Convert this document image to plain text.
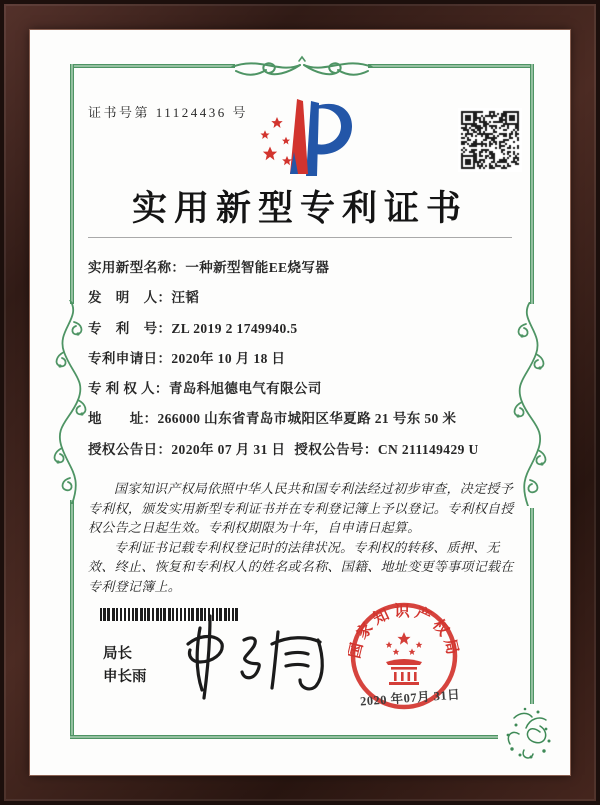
证书号第 11124436 号
实用新型专利证书
实用新型名称：一种新型智能EE烧写器
发　明　人：汪韬
专　利　号：ZL 2019 2 1749940.5
专利申请日：2020年 10 月 18 日
专 利 权 人：青岛科旭德电气有限公司
地　　址：266000 山东省青岛市城阳区华夏路 21 号东 50 米
授权公告日：2020年 07 月 31 日 授权公告号：CN 211149429 U

国家知识产权局依照中华人民共和国专利法经过初步审查，决定授予专利权，颁发实用新型专利证书并在专利登记簿上予以登记。专利权自授权公告之日起生效。专利权期限为十年，自申请日起算。

专利证书记载专利权登记时的法律状况。专利权的转移、质押、无效、终止、恢复和专利权人的姓名或名称、国籍、地址变更等事项记载在专利登记簿上。

局长
申长雨
国家知识产权局
2020 年07月 31日
